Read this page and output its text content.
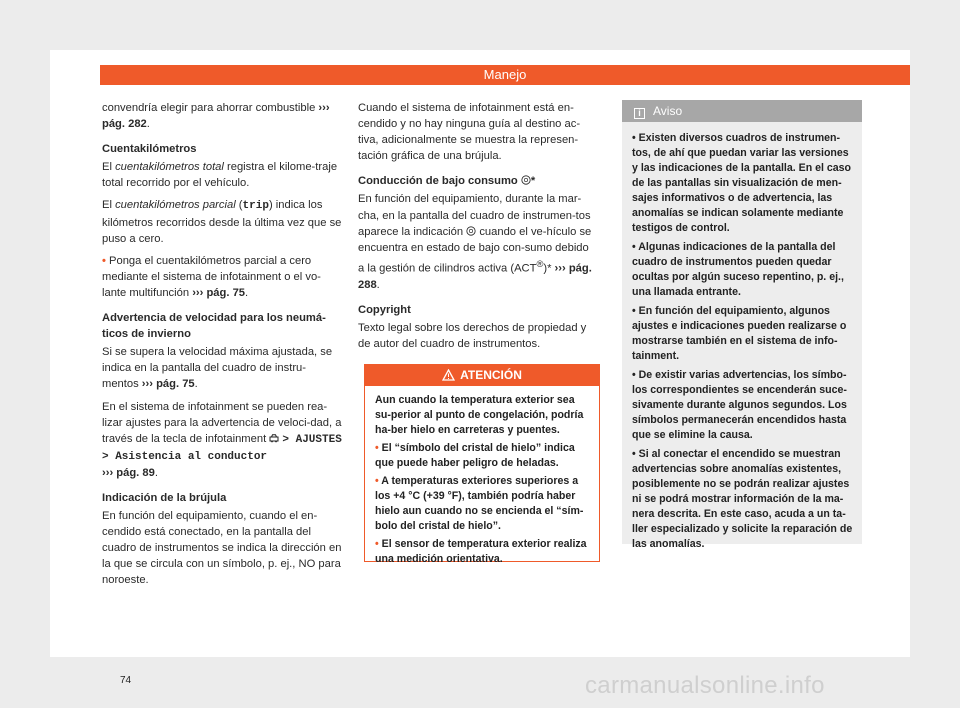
Manejo

convendría elegir para ahorrar combustible ››› pág. 282.

Cuentakilómetros

El cuentakilómetros total registra el kilome-traje total recorrido por el vehículo.

El cuentakilómetros parcial (trip) indica los kilómetros recorridos desde la última vez que se puso a cero.

• Ponga el cuentakilómetros parcial a cero mediante el sistema de infotainment o el vo-lante multifunción ››› pág. 75.

Advertencia de velocidad para los neumá-ticos de invierno

Si se supera la velocidad máxima ajustada, se indica en la pantalla del cuadro de instru-mentos ››› pág. 75.

En el sistema de infotainment se pueden rea-lizar ajustes para la advertencia de veloci-dad, a través de la tecla de infotainment > AJUSTES > Asistencia al conductor
››› pág. 89.

Indicación de la brújula

En función del equipamiento, cuando el en-cendido está conectado, en la pantalla del cuadro de instrumentos se indica la dirección en la que se circula con un símbolo, p. ej., NO para noroeste.

Cuando el sistema de infotainment está en-cendido y no hay ninguna guía al destino ac-tiva, adicionalmente se muestra la represen-tación gráfica de una brújula.

Conducción de bajo consumo *

En función del equipamiento, durante la mar-cha, en la pantalla del cuadro de instrumen-tos aparece la indicación cuando el ve-hículo se encuentra en estado de bajo con-sumo debido a la gestión de cilindros activa (ACT®)* ››› pág. 288.

Copyright

Texto legal sobre los derechos de propiedad y de autor del cuadro de instrumentos.

ATENCIÓN

Aun cuando la temperatura exterior sea su-perior al punto de congelación, podría ha-ber hielo en carreteras y puentes.

• El “símbolo del cristal de hielo” indica que puede haber peligro de heladas.

• A temperaturas exteriores superiores a los +4 °C (+39 °F), también podría haber hielo aun cuando no se encienda el “sím-bolo del cristal de hielo”.

• El sensor de temperatura exterior realiza una medición orientativa.

i Aviso

• Existen diversos cuadros de instrumen-tos, de ahí que puedan variar las versiones y las indicaciones de la pantalla. En el caso de las pantallas sin visualización de men-sajes informativos o de advertencia, las anomalías se indican solamente mediante testigos de control.

• Algunas indicaciones de la pantalla del cuadro de instrumentos pueden quedar ocultas por algún suceso repentino, p. ej., una llamada entrante.

• En función del equipamiento, algunos ajustes e indicaciones pueden realizarse o mostrarse también en el sistema de info-tainment.

• De existir varias advertencias, los símbo-los correspondientes se encenderán suce-sivamente durante algunos segundos. Los símbolos permanecerán encendidos hasta que se elimine la causa.

• Si al conectar el encendido se muestran advertencias sobre anomalías existentes, posiblemente no se podrán realizar ajustes ni se podrá mostrar información de la ma-nera descrita. En este caso, acuda a un ta-ller especializado y solicite la reparación de las anomalías.

74	carmanualsonline.info
